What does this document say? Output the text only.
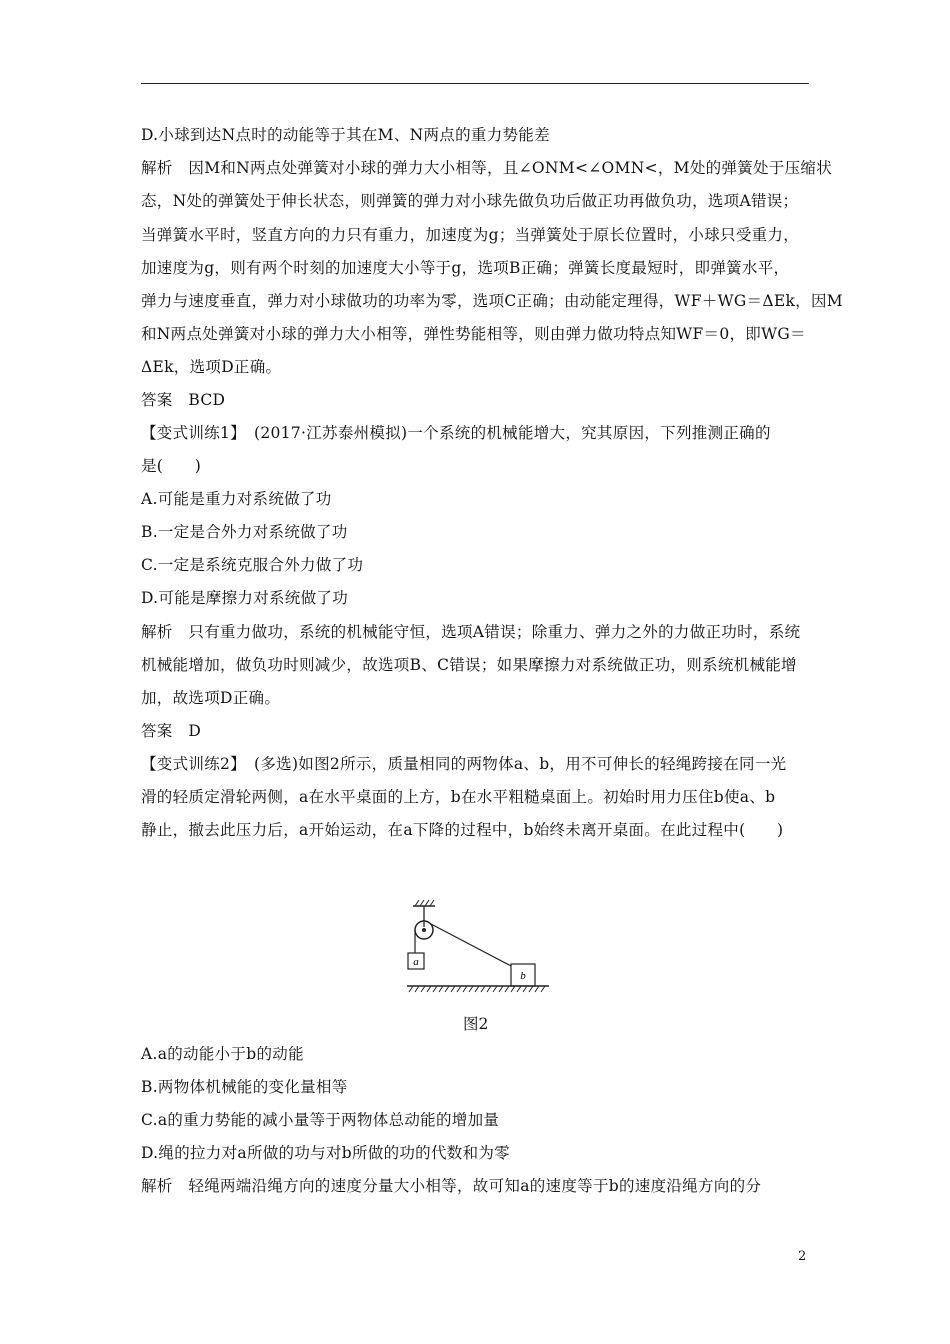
D.小球到达N点时的动能等于其在M、N两点的重力势能差
解析　因M和N两点处弹簧对小球的弹力大小相等，且∠ONM<∠OMN<，M处的弹簧处于压缩状
态，N处的弹簧处于伸长状态，则弹簧的弹力对小球先做负功后做正功再做负功，选项A错误；
当弹簧水平时，竖直方向的力只有重力，加速度为g；当弹簧处于原长位置时，小球只受重力，
加速度为g，则有两个时刻的加速度大小等于g，选项B正确；弹簧长度最短时，即弹簧水平，
弹力与速度垂直，弹力对小球做功的功率为零，选项C正确；由动能定理得，WF＋WG＝ΔEk，因M
和N两点处弹簧对小球的弹力大小相等，弹性势能相等，则由弹力做功特点知WF＝0，即WG＝
ΔEk，选项D正确。
答案　BCD
【变式训练1】　(2017·江苏泰州模拟)一个系统的机械能增大，究其原因，下列推测正确的
是(　　)
A.可能是重力对系统做了功
B.一定是合外力对系统做了功
C.一定是系统克服合外力做了功
D.可能是摩擦力对系统做了功
解析　只有重力做功，系统的机械能守恒，选项A错误；除重力、弹力之外的力做正功时，系统
机械能增加，做负功时则减少，故选项B、C错误；如果摩擦力对系统做正功，则系统机械能增
加，故选项D正确。
答案　D
【变式训练2】　(多选)如图2所示，质量相同的两物体a、b，用不可伸长的轻绳跨接在同一光
滑的轻质定滑轮两侧，a在水平桌面的上方，b在水平粗糙桌面上。初始时用力压住b使a、b
静止，撤去此压力后，a开始运动，在a下降的过程中，b始终未离开桌面。在此过程中(　　)
a
b
图2
A.a的动能小于b的动能
B.两物体机械能的变化量相等
C.a的重力势能的减小量等于两物体总动能的增加量
D.绳的拉力对a所做的功与对b所做的功的代数和为零
解析　轻绳两端沿绳方向的速度分量大小相等，故可知a的速度等于b的速度沿绳方向的分
2
